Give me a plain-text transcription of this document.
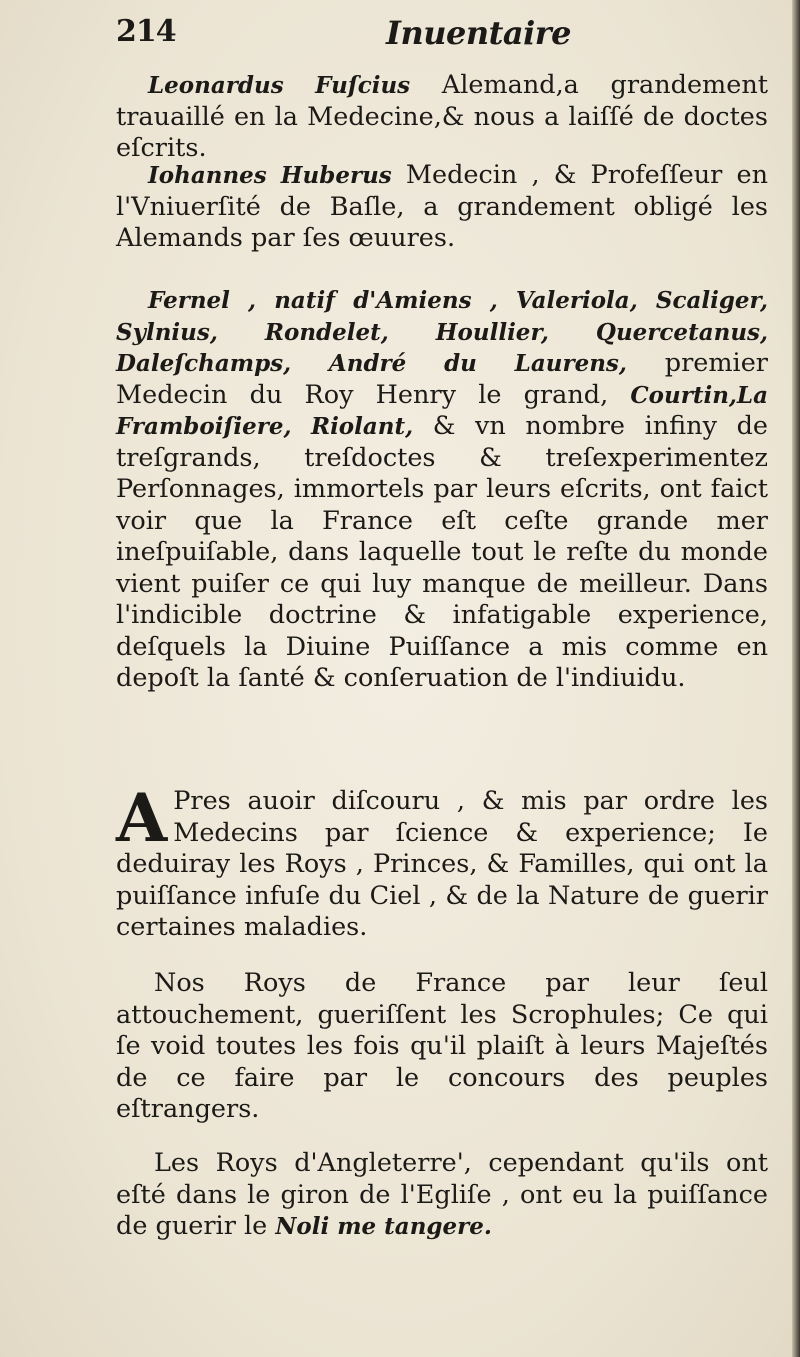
214	Inuentaire

Leonardus Fuſcius Alemand,a grandement trauaillé en la Medecine,& nous a laiſſé de doctes eſcrits.

Iohannes Huberus Medecin , & Profeſſeur en l'Vniuerſité de Baſle, a grandement obligé les Alemands par ſes œuures.

Fernel , natif d'Amiens , Valeriola, Scaliger, Sylnius, Rondelet, Houllier, Quercetanus, Daleſchamps, André du Laurens, premier Medecin du Roy Henry le grand, Courtin,La Framboiſiere, Riolant, & vn nombre infiny de treſgrands, treſdoctes & treſexperimentez Perſonnages, immortels par leurs eſcrits, ont faict voir que la France eſt ceſte grande mer ineſpuiſable, dans laquelle tout le reſte du monde vient puiſer ce qui luy manque de meilleur. Dans l'indicible doctrine & infatigable experience, deſquels la Diuine Puiſſance a mis comme en depoſt la ſanté & conſeruation de l'indiuidu.

A Pres auoir diſcouru , & mis par ordre les Medecins par ſcience & experience; Ie deduiray les Roys , Princes, & Familles, qui ont la puiſſance infuſe du Ciel , & de la Nature de guerir certaines maladies.

Nos Roys de France par leur ſeul attouchement, gueriſſent les Scrophules; Ce qui ſe void toutes les fois qu'il plaiſt à leurs Majeſtés de ce faire par le concours des peuples eſtrangers.

Les Roys d'Angleterre', cependant qu'ils ont eſté dans le giron de l'Egliſe , ont eu la puiſſance de guerir le Noli me tangere.
